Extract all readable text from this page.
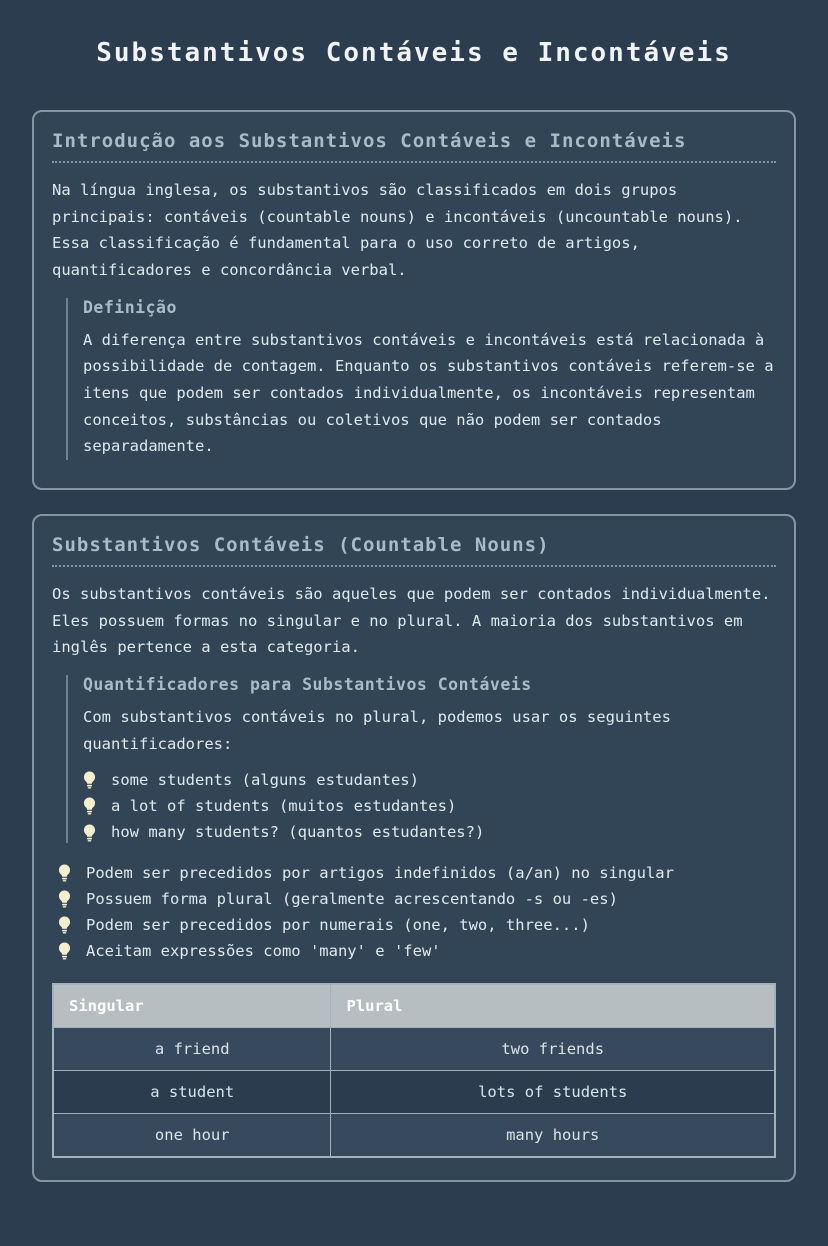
Substantivos Contáveis e Incontáveis
Introdução aos Substantivos Contáveis e Incontáveis

Na língua inglesa, os substantivos são classificados em dois grupos principais: contáveis (countable nouns) e incontáveis (uncountable nouns). Essa classificação é fundamental para o uso correto de artigos, quantificadores e concordância verbal.

Definição

A diferença entre substantivos contáveis e incontáveis está relacionada à possibilidade de contagem. Enquanto os substantivos contáveis referem-se a itens que podem ser contados individualmente, os incontáveis representam conceitos, substâncias ou coletivos que não podem ser contados separadamente.

Substantivos Contáveis (Countable Nouns)

Os substantivos contáveis são aqueles que podem ser contados individualmente. Eles possuem formas no singular e no plural. A maioria dos substantivos em inglês pertence a esta categoria.

Quantificadores para Substantivos Contáveis

Com substantivos contáveis no plural, podemos usar os seguintes quantificadores:

some students (alguns estudantes)
a lot of students (muitos estudantes)
how many students? (quantos estudantes?)
Podem ser precedidos por artigos indefinidos (a/an) no singular
Possuem forma plural (geralmente acrescentando -s ou -es)
Podem ser precedidos por numerais (one, two, three...)
Aceitam expressões como 'many' e 'few'
Singular	Plural
a friend	two friends
a student	lots of students
one hour	many hours
